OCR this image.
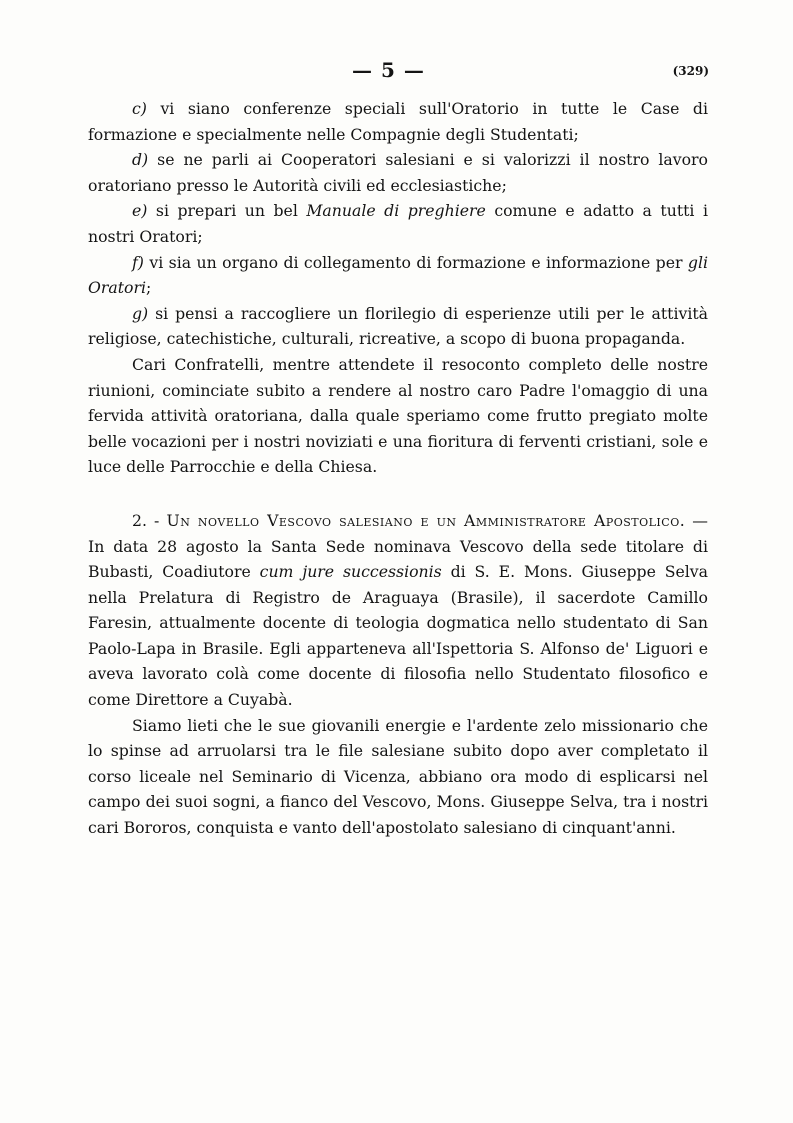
— 5 —	(329)

c) vi siano conferenze speciali sull'Oratorio in tutte le Case di formazione e specialmente nelle Compagnie degli Studentati;

d) se ne parli ai Cooperatori salesiani e si valorizzi il nostro lavoro oratoriano presso le Autorità civili ed ecclesiastiche;

e) si prepari un bel Manuale di preghiere comune e adatto a tutti i nostri Oratori;

f) vi sia un organo di collegamento di formazione e informazione per gli Oratori;

g) si pensi a raccogliere un florilegio di esperienze utili per le attività religiose, catechistiche, culturali, ricreative, a scopo di buona propaganda.

Cari Confratelli, mentre attendete il resoconto completo delle nostre riunioni, cominciate subito a rendere al nostro caro Padre l'omaggio di una fervida attività oratoriana, dalla quale speriamo come frutto pregiato molte belle vocazioni per i nostri noviziati e una fioritura di ferventi cristiani, sole e luce delle Parrocchie e della Chiesa.

2. - Un novello Vescovo salesiano e un Amministratore Apostolico. — In data 28 agosto la Santa Sede nominava Vescovo della sede titolare di Bubasti, Coadiutore cum jure successionis di S. E. Mons. Giuseppe Selva nella Prelatura di Registro de Araguaya (Brasile), il sacerdote Camillo Faresin, attualmente docente di teologia dogmatica nello studentato di San Paolo-Lapa in Brasile. Egli apparteneva all'Ispettoria S. Alfonso de' Liguori e aveva lavorato colà come docente di filosofia nello Studentato filosofico e come Direttore a Cuyabà.

Siamo lieti che le sue giovanili energie e l'ardente zelo missionario che lo spinse ad arruolarsi tra le file salesiane subito dopo aver completato il corso liceale nel Seminario di Vicenza, abbiano ora modo di esplicarsi nel campo dei suoi sogni, a fianco del Vescovo, Mons. Giuseppe Selva, tra i nostri cari Bororos, conquista e vanto dell'apostolato salesiano di cinquant'anni.
